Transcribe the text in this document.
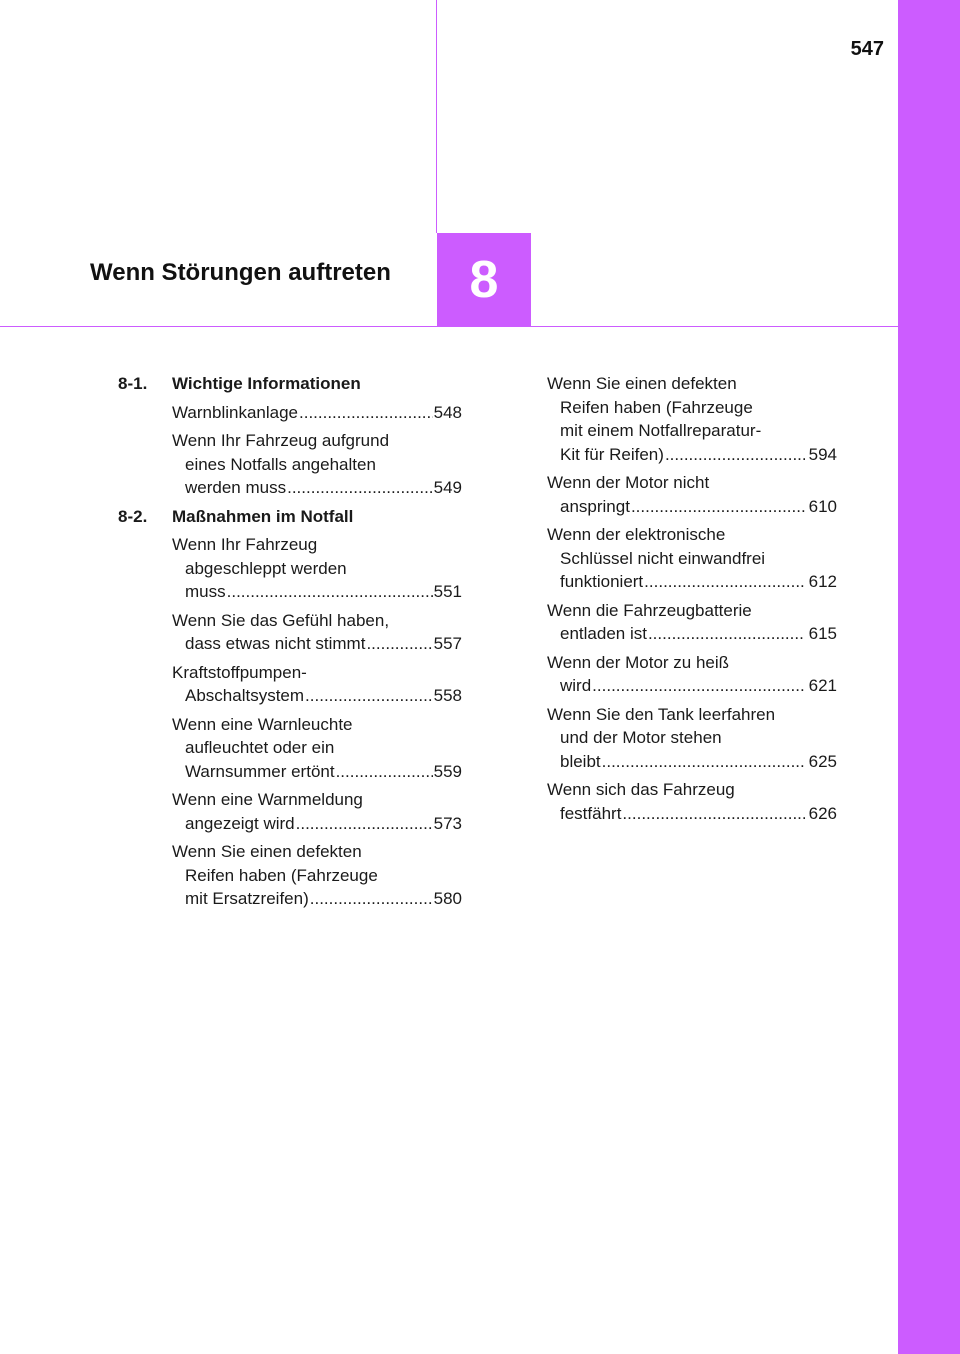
547
8
Wenn Störungen auftreten
8-1.	Wichtige Informationen
Warnblinkanlage .....	548
Wenn Ihr Fahrzeug aufgrund
eines Notfalls angehalten
werden muss .....	549
8-2.	Maßnahmen im Notfall
Wenn Ihr Fahrzeug
abgeschleppt werden
muss .....	551
Wenn Sie das Gefühl haben,
dass etwas nicht stimmt .....	557
Kraftstoffpumpen-
Abschaltsystem .....	558
Wenn eine Warnleuchte
aufleuchtet oder ein
Warnsummer ertönt .....	559
Wenn eine Warnmeldung
angezeigt wird .....	573
Wenn Sie einen defekten
Reifen haben (Fahrzeuge
mit Ersatzreifen) .....	580
Wenn Sie einen defekten
Reifen haben (Fahrzeuge
mit einem Notfallreparatur-
Kit für Reifen) .....	594
Wenn der Motor nicht
anspringt .....	610
Wenn der elektronische
Schlüssel nicht einwandfrei
funktioniert .....	612
Wenn die Fahrzeugbatterie
entladen ist .....	615
Wenn der Motor zu heiß
wird .....	621
Wenn Sie den Tank leerfahren
und der Motor stehen
bleibt .....	625
Wenn sich das Fahrzeug
festfährt .....	626
